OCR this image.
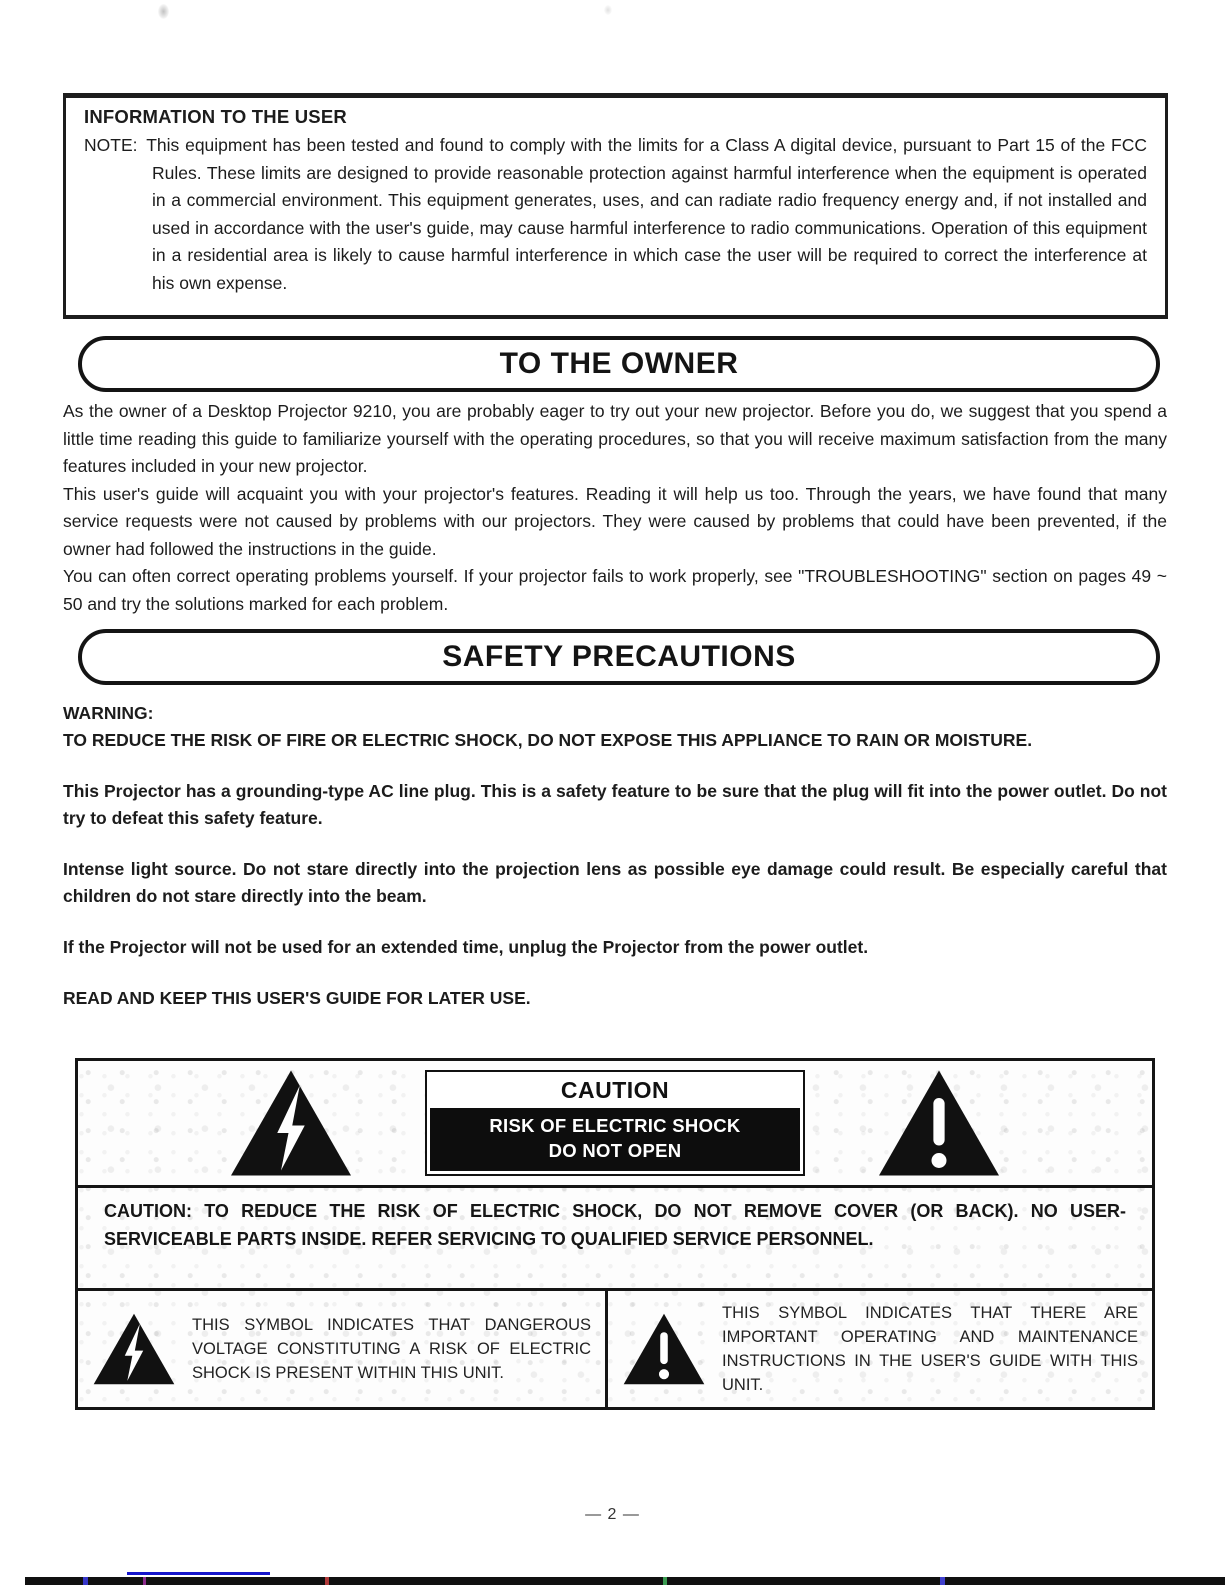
INFORMATION TO THE USER

NOTE:  This equipment has been tested and found to comply with the limits for a Class A digital device, pursuant to Part 15 of the FCC Rules. These limits are designed to provide reasonable protection against harmful interference when the equipment is operated in a commercial environment. This equipment generates, uses, and can radiate radio frequency energy and, if not installed and used in accordance with the user's guide, may cause harmful interference to radio communications. Operation of this equipment in a residential area is likely to cause harmful interference in which case the user will be required to correct the interference at his own expense.

TO THE OWNER

As the owner of a Desktop Projector 9210, you are probably eager to try out your new projector. Before you do, we suggest that you spend a little time reading this guide to familiarize yourself with the operating procedures, so that you will receive maximum satisfaction from the many features included in your new projector.

This user's guide will acquaint you with your projector's features. Reading it will help us too. Through the years, we have found that many service requests were not caused by problems with our projectors. They were caused by problems that could have been prevented, if the owner had followed the instructions in the guide.

You can often correct operating problems yourself. If your projector fails to work properly, see "TROUBLESHOOTING" section on pages 49 ~ 50 and try the solutions marked for each problem.

SAFETY PRECAUTIONS

WARNING:

TO REDUCE THE RISK OF FIRE OR ELECTRIC SHOCK, DO NOT EXPOSE THIS APPLIANCE TO RAIN OR MOISTURE.

This Projector has a grounding-type AC line plug. This is a safety feature to be sure that the plug will fit into the power outlet. Do not try to defeat this safety feature.

Intense light source. Do not stare directly into the projection lens as possible eye damage could result. Be especially careful that children do not stare directly into the beam.

If the Projector will not be used for an extended time, unplug the Projector from the power outlet.

READ AND KEEP THIS USER'S GUIDE FOR LATER USE.

CAUTION
RISK OF ELECTRIC SHOCK
DO NOT OPEN

CAUTION: TO REDUCE THE RISK OF ELECTRIC SHOCK, DO NOT REMOVE COVER (OR BACK). NO USER-SERVICEABLE PARTS INSIDE. REFER SERVICING TO QUALIFIED SERVICE PERSONNEL.

THIS SYMBOL INDICATES THAT DANGEROUS VOLTAGE CONSTITUTING A RISK OF ELECTRIC SHOCK IS PRESENT WITHIN THIS UNIT.

THIS SYMBOL INDICATES THAT THERE ARE IMPORTANT OPERATING AND MAINTENANCE INSTRUCTIONS IN THE USER'S GUIDE WITH THIS UNIT.

— 2 —
